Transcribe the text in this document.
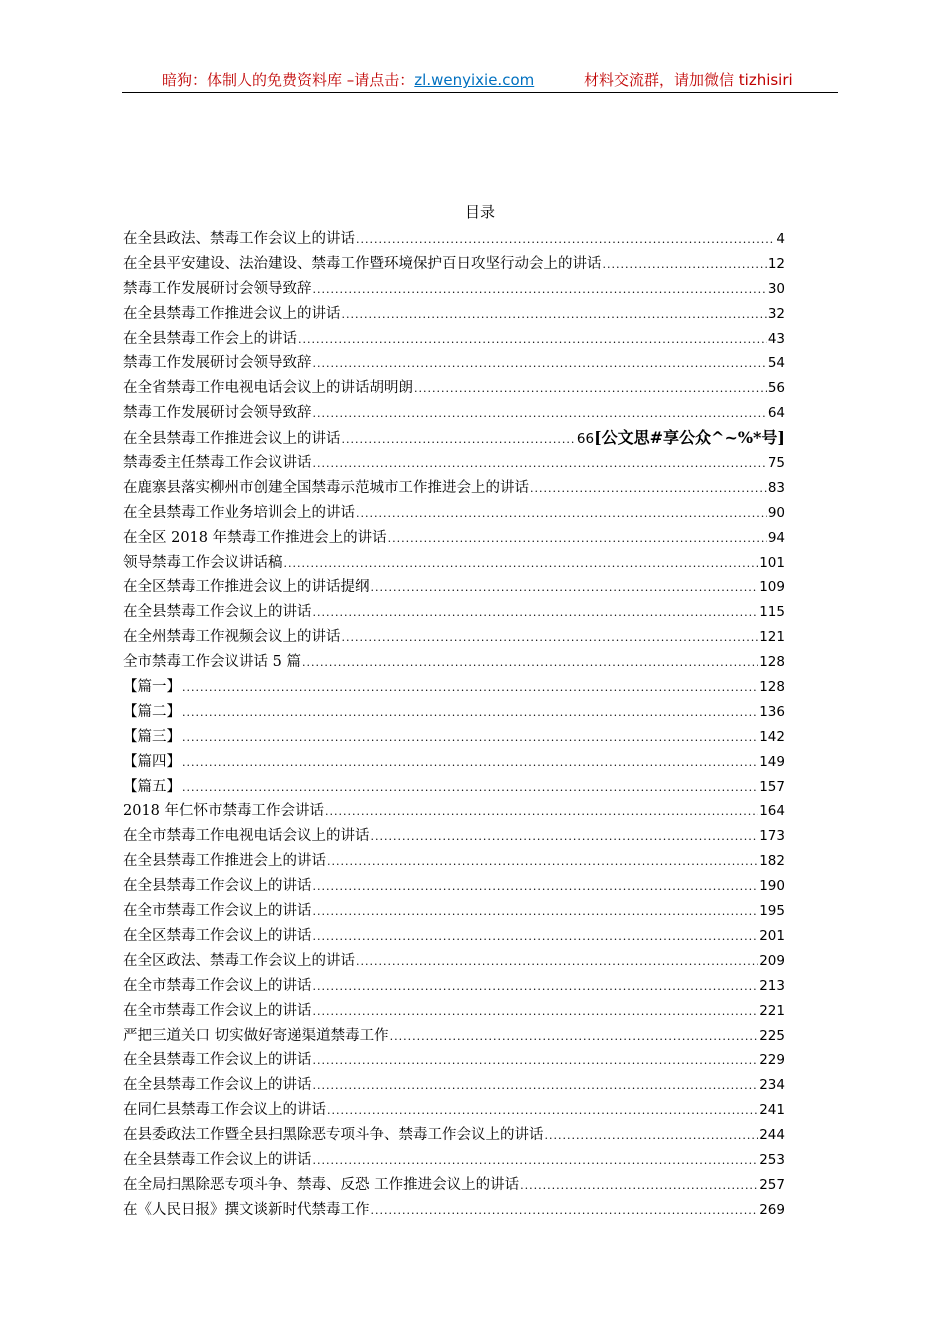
暗狗：体制人的免费资料库 –请点击：zl.wenyixie.com	材料交流群，请加微信 tizhisiri
目录
在全县政法、禁毒工作会议上的讲话 .....	4
在全县平安建设、法治建设、禁毒工作暨环境保护百日攻坚行动会上的讲话 .....	12
禁毒工作发展研讨会领导致辞 .....	30
在全县禁毒工作推进会议上的讲话 .....	32
在全县禁毒工作会上的讲话 .....	43
禁毒工作发展研讨会领导致辞 .....	54
在全省禁毒工作电视电话会议上的讲话胡明朗 .....	56
禁毒工作发展研讨会领导致辞 .....	64
在全县禁毒工作推进会议上的讲话 .....	66 [公文思#享公众^~%*号]
禁毒委主任禁毒工作会议讲话 .....	75
在鹿寨县落实柳州市创建全国禁毒示范城市工作推进会上的讲话 .....	83
在全县禁毒工作业务培训会上的讲话 .....	90
在全区 2018 年禁毒工作推进会上的讲话 .....	94
领导禁毒工作会议讲话稿 .....	101
在全区禁毒工作推进会议上的讲话提纲 .....	109
在全县禁毒工作会议上的讲话 .....	115
在全州禁毒工作视频会议上的讲话 .....	121
全市禁毒工作会议讲话 5 篇 .....	128
【篇一】 .....	128
【篇二】 .....	136
【篇三】 .....	142
【篇四】 .....	149
【篇五】 .....	157
2018 年仁怀市禁毒工作会讲话 .....	164
在全市禁毒工作电视电话会议上的讲话 .....	173
在全县禁毒工作推进会上的讲话 .....	182
在全县禁毒工作会议上的讲话 .....	190
在全市禁毒工作会议上的讲话 .....	195
在全区禁毒工作会议上的讲话 .....	201
在全区政法、禁毒工作会议上的讲话 .....	209
在全市禁毒工作会议上的讲话 .....	213
在全市禁毒工作会议上的讲话 .....	221
严把三道关口 切实做好寄递渠道禁毒工作 .....	225
在全县禁毒工作会议上的讲话 .....	229
在全县禁毒工作会议上的讲话 .....	234
在同仁县禁毒工作会议上的讲话 .....	241
在县委政法工作暨全县扫黑除恶专项斗争、禁毒工作会议上的讲话 .....	244
在全县禁毒工作会议上的讲话 .....	253
在全局扫黑除恶专项斗争、禁毒、反恐 工作推进会议上的讲话 .....	257
在《人民日报》撰文谈新时代禁毒工作 .....	269
